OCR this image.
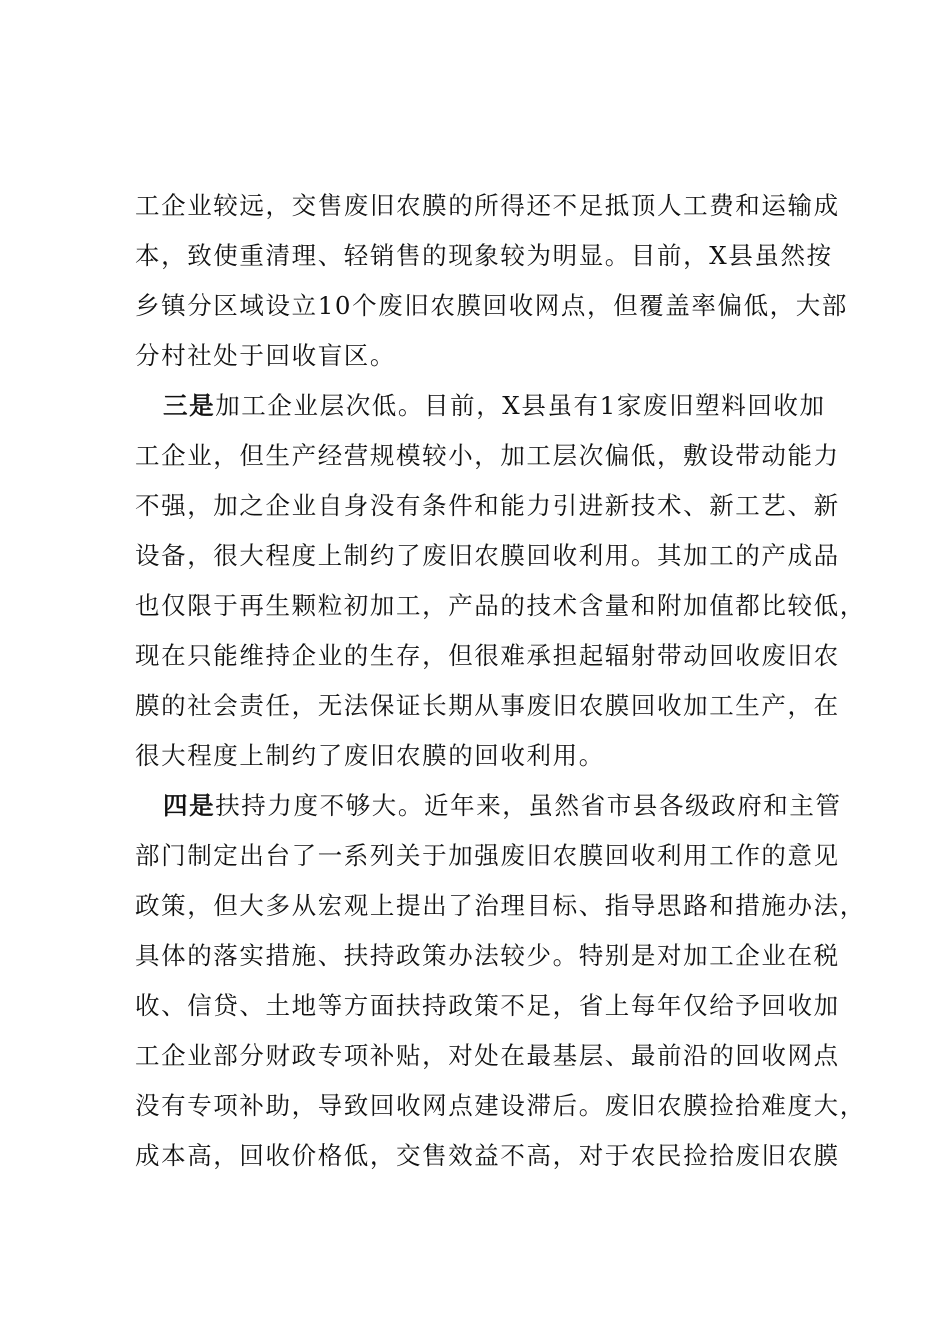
工企业较远，交售废旧农膜的所得还不足抵顶人工费和运输成
本，致使重清理、轻销售的现象较为明显。目前，X县虽然按
乡镇分区域设立10个废旧农膜回收网点，但覆盖率偏低，大部
分村社处于回收盲区。
三是加工企业层次低。目前，X县虽有1家废旧塑料回收加
工企业，但生产经营规模较小，加工层次偏低，敷设带动能力
不强，加之企业自身没有条件和能力引进新技术、新工艺、新
设备，很大程度上制约了废旧农膜回收利用。其加工的产成品
也仅限于再生颗粒初加工，产品的技术含量和附加值都比较低，
现在只能维持企业的生存，但很难承担起辐射带动回收废旧农
膜的社会责任，无法保证长期从事废旧农膜回收加工生产，在
很大程度上制约了废旧农膜的回收利用。
四是扶持力度不够大。近年来，虽然省市县各级政府和主管
部门制定出台了一系列关于加强废旧农膜回收利用工作的意见
政策，但大多从宏观上提出了治理目标、指导思路和措施办法，
具体的落实措施、扶持政策办法较少。特别是对加工企业在税
收、信贷、土地等方面扶持政策不足，省上每年仅给予回收加
工企业部分财政专项补贴，对处在最基层、最前沿的回收网点
没有专项补助，导致回收网点建设滞后。废旧农膜捡拾难度大，
成本高，回收价格低，交售效益不高，对于农民捡拾废旧农膜
